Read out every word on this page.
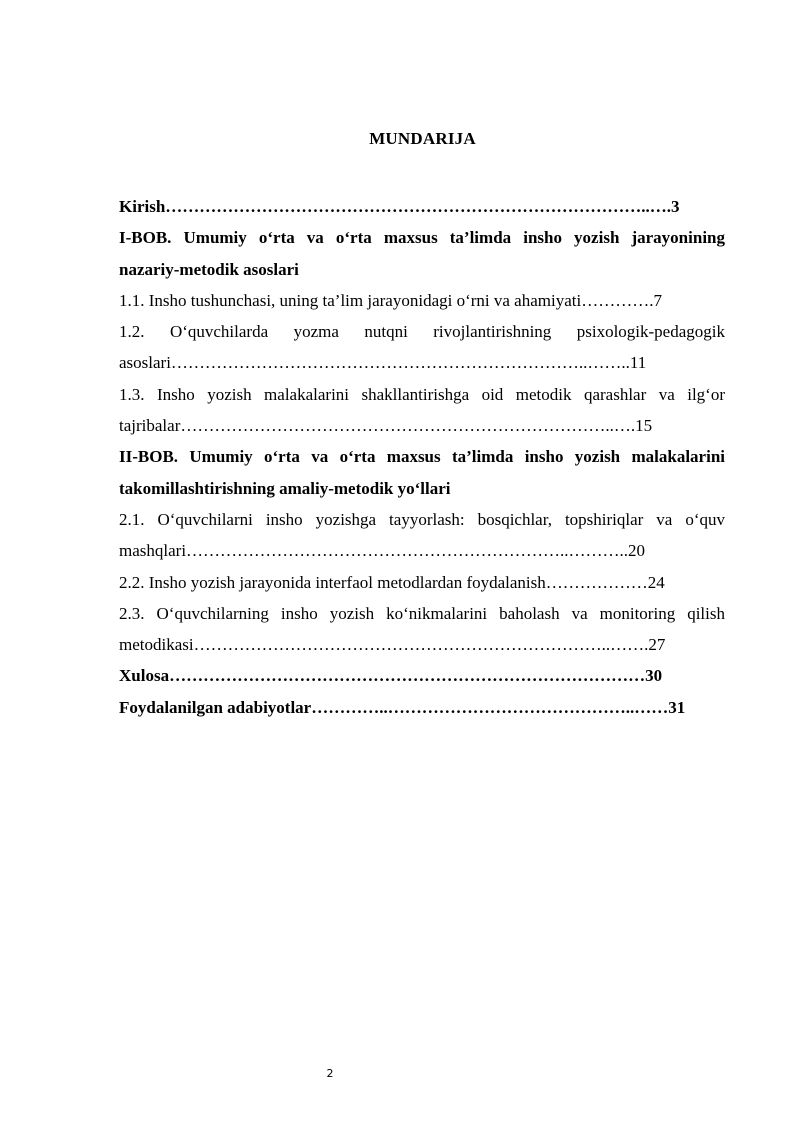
MUNDARIJA
Kirish…………………………………………………………………………..….3
I-BOB. Umumiy o‘rta va o‘rta maxsus ta’limda insho yozish jarayonining
nazariy-metodik asoslari
1.1. Insho tushunchasi, uning ta’lim jarayonidagi o‘rni va ahamiyati………….7
1.2. O‘quvchilarda yozma nutqni rivojlantirishning psixologik-pedagogik
asoslari………………………………………………………………..……..11
1.3. Insho yozish malakalarini shakllantirishga oid metodik qarashlar va ilg‘or
tajribalar…………………………………………………………………..….15
II-BOB. Umumiy o‘rta va o‘rta maxsus ta’limda insho yozish malakalarini
takomillashtirishning amaliy-metodik yo‘llari
2.1. O‘quvchilarni insho yozishga tayyorlash: bosqichlar, topshiriqlar va o‘quv
mashqlari…………………………………………………………..………..20
2.2. Insho yozish jarayonida interfaol metodlardan foydalanish………………24
2.3. O‘quvchilarning insho yozish ko‘nikmalarini baholash va monitoring qilish
metodikasi………………………………………………………………..…….27
Xulosa…………………………………………………………………………30
Foydalanilgan adabiyotlar…………..……………………………………..……31
2
